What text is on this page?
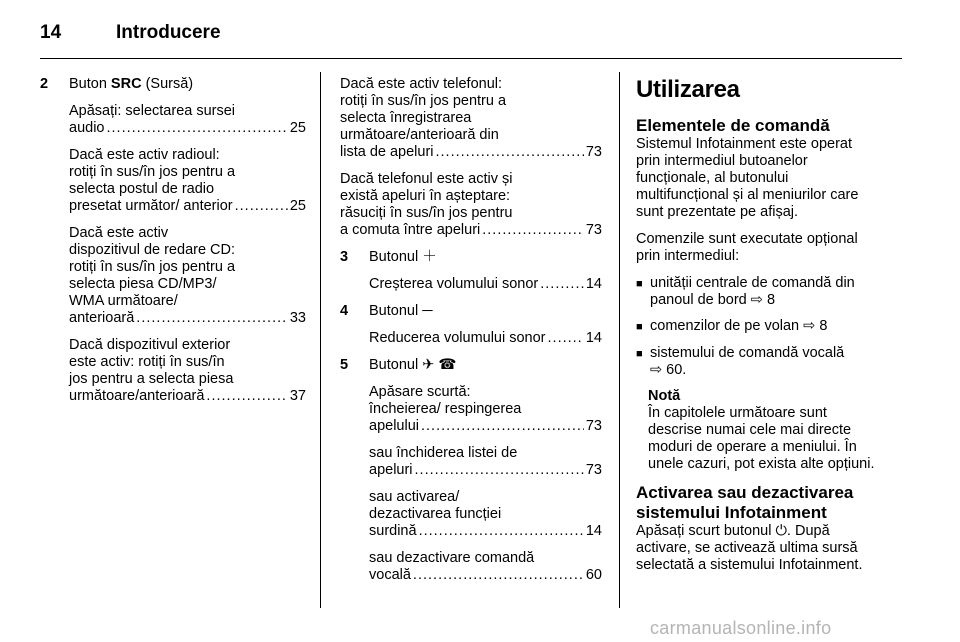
14	Introducere
2	Buton SRC (Sursă)

Apăsați: selectarea sursei

audio .....	25

Dacă este activ radioul:
rotiți în sus/în jos pentru a
selecta postul de radio
presetat următor/ anterior .....	25

Dacă este activ
dispozitivul de redare CD:
rotiți în sus/în jos pentru a
selecta piesa CD/MP3/
WMA următoare/
anterioară .....	33

Dacă dispozitivul exterior
este activ: rotiți în sus/în
jos pentru a selecta piesa
următoare/anterioară .....	37

Dacă este activ telefonul:
rotiți în sus/în jos pentru a
selecta înregistrarea
următoare/anterioară din
lista de apeluri .....	73

Dacă telefonul este activ și
există apeluri în așteptare:
răsuciți în sus/în jos pentru
a comuta între apeluri .....	73

3	Butonul ＋

Creșterea volumului sonor .....	14

4	Butonul ─

Reducerea volumului sonor .....	14

5	Butonul ✈ ☎

Apăsare scurtă:
încheierea/ respingerea
apelului .....	73

sau închiderea listei de
apeluri .....	73

sau activarea/
dezactivarea funcției
surdină .....	14

sau dezactivare comandă
vocală .....	60

Utilizarea
Elementele de comandă

Sistemul Infotainment este operat
prin intermediul butoanelor
funcționale, al butonului
multifuncțional și al meniurilor care
sunt prezentate pe afișaj.

Comenzile sunt executate opțional
prin intermediul:

■ unității centrale de comandă din
panoul de bord ⇨ 8
■ comenzilor de pe volan ⇨ 8
■ sistemului de comandă vocală
⇨ 60.

Notă

În capitolele următoare sunt
descrise numai cele mai directe
moduri de operare a meniului. În
unele cazuri, pot exista alte opțiuni.

Activarea sau dezactivarea
sistemului Infotainment

Apăsați scurt butonul ⏻. După
activare, se activează ultima sursă
selectată a sistemului Infotainment.

carmanualsonline.info
